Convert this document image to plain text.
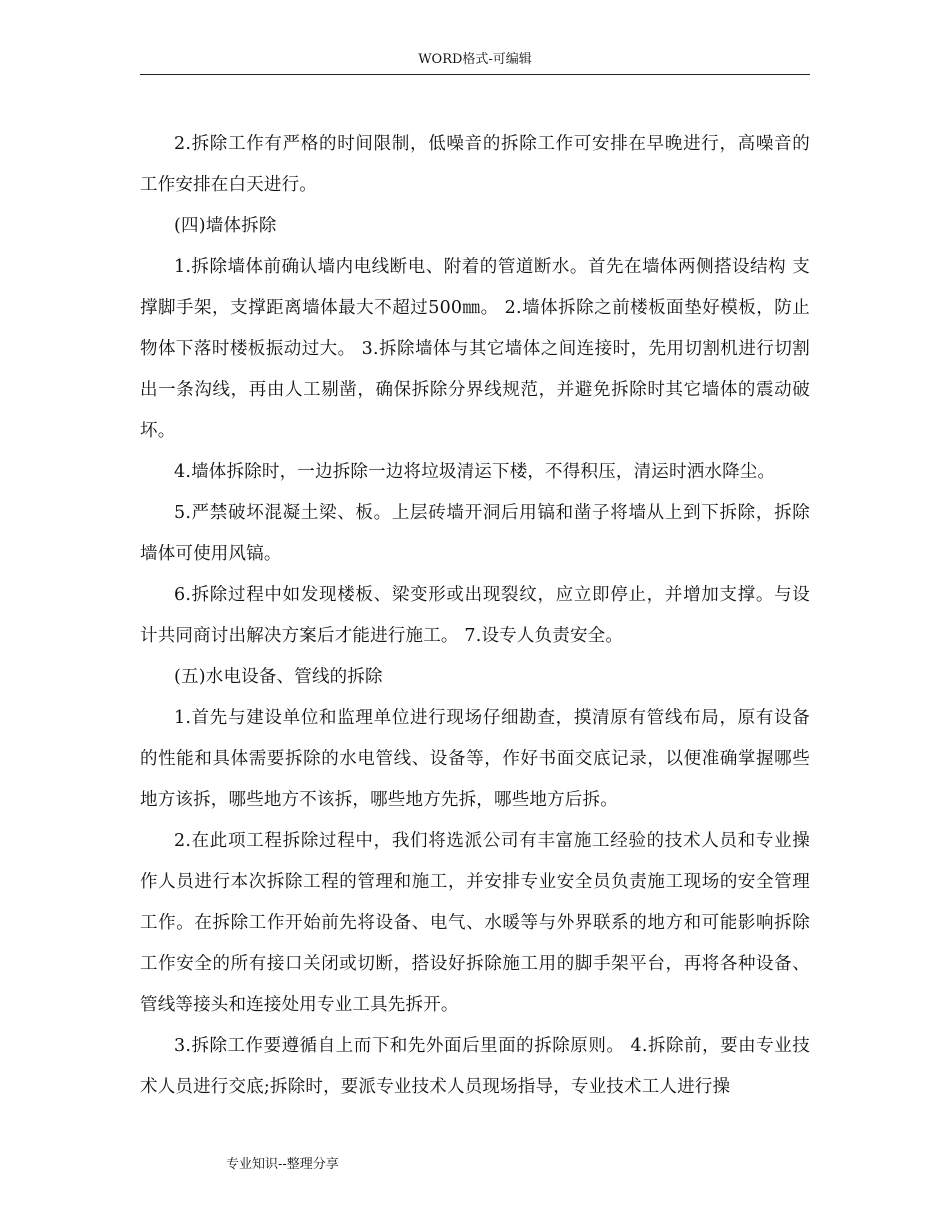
WORD格式-可编辑

2.拆除工作有严格的时间限制，低噪音的拆除工作可安排在早晚进行，高噪音的工作安排在白天进行。

(四)墙体拆除

1.拆除墙体前确认墙内电线断电、附着的管道断水。首先在墙体两侧搭设结构 支撑脚手架，支撑距离墙体最大不超过500㎜。 2.墙体拆除之前楼板面垫好模板，防止物体下落时楼板振动过大。 3.拆除墙体与其它墙体之间连接时，先用切割机进行切割出一条沟线，再由人工剔凿，确保拆除分界线规范，并避免拆除时其它墙体的震动破坏。

4.墙体拆除时，一边拆除一边将垃圾清运下楼，不得积压，清运时洒水降尘。

5.严禁破坏混凝土梁、板。上层砖墙开洞后用镐和凿子将墙从上到下拆除，拆除墙体可使用风镐。

6.拆除过程中如发现楼板、梁变形或出现裂纹，应立即停止，并增加支撑。与设计共同商讨出解决方案后才能进行施工。 7.设专人负责安全。

(五)水电设备、管线的拆除

1.首先与建设单位和监理单位进行现场仔细勘查，摸清原有管线布局，原有设备的性能和具体需要拆除的水电管线、设备等，作好书面交底记录，以便准确掌握哪些地方该拆，哪些地方不该拆，哪些地方先拆，哪些地方后拆。

2.在此项工程拆除过程中，我们将选派公司有丰富施工经验的技术人员和专业操作人员进行本次拆除工程的管理和施工，并安排专业安全员负责施工现场的安全管理工作。在拆除工作开始前先将设备、电气、水暖等与外界联系的地方和可能影响拆除工作安全的所有接口关闭或切断，搭设好拆除施工用的脚手架平台，再将各种设备、管线等接头和连接处用专业工具先拆开。

3.拆除工作要遵循自上而下和先外面后里面的拆除原则。 4.拆除前，要由专业技术人员进行交底;拆除时，要派专业技术人员现场指导，专业技术工人进行操

专业知识--整理分享
